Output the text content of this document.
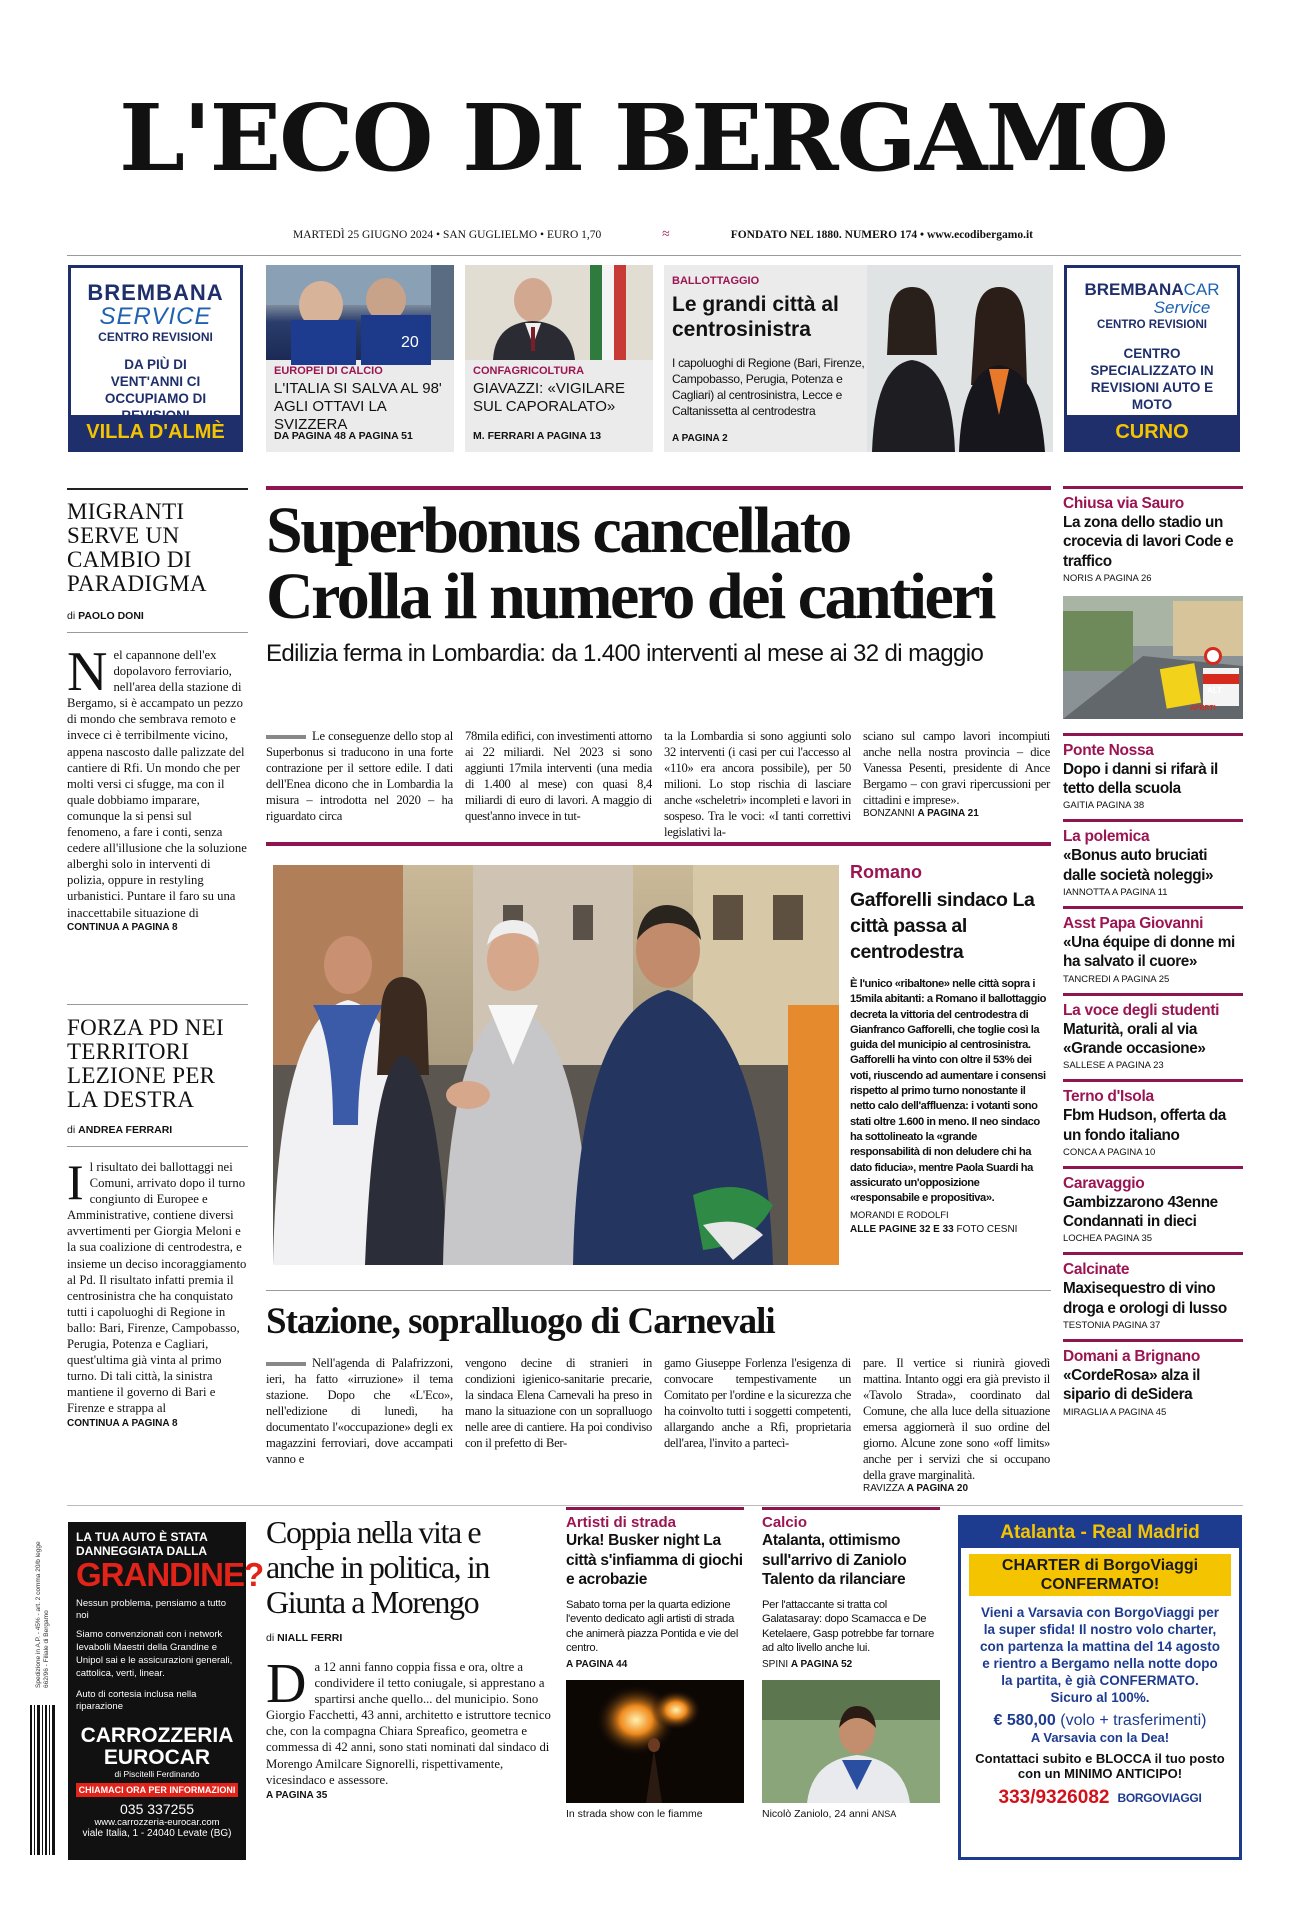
L'ECO DI BERGAMO
MARTEDÌ 25 GIUGNO 2024 • SAN GUGLIELMO • EURO 1,70	≈	FONDATO NEL 1880. NUMERO 174 • www.ecodibergamo.it
BREMBANA
SERVICE
CENTRO REVISIONI
DA PIÙ DI VENT'ANNI CI OCCUPIAMO DI
VILLA D'ALMÈ
20
EUROPEI DI CALCIO
L'ITALIA SI SALVA AL 98' AGLI OTTAVI LA SVIZZERA
DA PAGINA 48 A PAGINA 51
CONFAGRICOLTURA
GIAVAZZI: «VIGILARE SUL CAPORALATO»
M. FERRARI A PAGINA 13
BALLOTTAGGIO
Le grandi città al centrosinistra
I capoluoghi di Regione (Bari, Firenze, Campobasso, Perugia, Potenza e Cagliari) al centrosinistra, Lecce e Caltanissetta al centrodestra
A PAGINA 2
BREMBANACAR
Service
CENTRO REVISIONI
CENTRO SPECIALIZZATO IN REVISIONI AUTO E MOTO
CURNO
MIGRANTI SERVE UN CAMBIO DI PARADIGMA
di PAOLO DONI
Nel capannone dell'ex dopolavoro ferroviario, nell'area della stazione di Bergamo, si è accampato un pezzo di mondo che sembrava remoto e invece ci è terribilmente vicino, appena nascosto dalle palizzate del cantiere di Rfi. Un mondo che per molti versi ci sfugge, ma con il quale dobbiamo imparare, comunque la si pensi sul fenomeno, a fare i conti, senza cedere all'illusione che la soluzione alberghi solo in interventi di polizia, oppure in restyling urbanistici. Puntare il faro su una inaccettabile situazione di
CONTINUA A PAGINA 8
FORZA PD NEI TERRITORI LEZIONE PER LA DESTRA
di ANDREA FERRARI
Il risultato dei ballottaggi nei Comuni, arrivato dopo il turno congiunto di Europee e Amministrative, contiene diversi avvertimenti per Giorgia Meloni e la sua coalizione di centrodestra, e insieme un deciso incoraggiamento al Pd. Il risultato infatti premia il centrosinistra che ha conquistato tutti i capoluoghi di Regione in ballo: Bari, Firenze, Campobasso, Perugia, Potenza e Cagliari, quest'ultima già vinta al primo turno. Di tali città, la sinistra mantiene il governo di Bari e Firenze e strappa al
CONTINUA A PAGINA 8
Superbonus cancellato
Crolla il numero dei cantieri
Edilizia ferma in Lombardia: da 1.400 interventi al mese ai 32 di maggio
Le conseguenze dello stop al Superbonus si traducono in una forte contrazione per il settore edile. I dati dell'Enea dicono che in Lombardia la misura – introdotta nel 2020 – ha riguardato circa
78mila edifici, con investimenti attorno ai 22 miliardi. Nel 2023 si sono aggiunti 17mila interventi (una media di 1.400 al mese) con quasi 8,4 miliardi di euro di lavori. A maggio di quest'anno invece in tut-
ta la Lombardia si sono aggiunti solo 32 interventi (i casi per cui l'accesso al «110» era ancora possibile), per 50 milioni. Lo stop rischia di lasciare anche «scheletri» incompleti e lavori in sospeso. Tra le voci: «I tanti correttivi legislativi la-
sciano sul campo lavori incompiuti anche nella nostra provincia – dice Vanessa Pesenti, presidente di Ance Bergamo – con gravi ripercussioni per cittadini e imprese».
BONZANNI A PAGINA 21
Romano
Gafforelli sindaco La città passa al centrodestra
È l'unico «ribaltone» nelle città sopra i 15mila abitanti: a Romano il ballottaggio decreta la vittoria del centrodestra di Gianfranco Gafforelli, che toglie così la guida del municipio al centrosinistra. Gafforelli ha vinto con oltre il 53% dei voti, riuscendo ad aumentare i consensi rispetto al primo turno nonostante il netto calo dell'affluenza: i votanti sono stati oltre 1.600 in meno. Il neo sindaco ha sottolineato la «grande responsabilità di non deludere chi ha dato fiducia», mentre Paola Suardi ha assicurato un'opposizione «responsabile e propositiva».
MORANDI E RODOLFI
ALLE PAGINE 32 E 33 FOTO CESNI
Stazione, sopralluogo di Carnevali
Nell'agenda di Palafrizzoni, ieri, ha fatto «irruzione» il tema stazione. Dopo che «L'Eco», nell'edizione di lunedì, ha documentato l'«occupazione» degli ex magazzini ferroviari, dove accampati vanno e
vengono decine di stranieri in condizioni igienico-sanitarie precarie, la sindaca Elena Carnevali ha preso in mano la situazione con un sopralluogo nelle aree di cantiere. Ha poi condiviso con il prefetto di Ber-
gamo Giuseppe Forlenza l'esigenza di convocare tempestivamente un Comitato per l'ordine e la sicurezza che ha coinvolto tutti i soggetti competenti, allargando anche a Rfi, proprietaria dell'area, l'invito a partecì-
pare. Il vertice si riunirà giovedì mattina. Intanto oggi era già previsto il «Tavolo Strada», coordinato dal Comune, che alla luce della situazione emersa aggiornerà il suo ordine del giorno. Alcune zone sono «off limits» anche per i servizi che si occupano della grave marginalità.
RAVIZZA A PAGINA 20
Chiusa via Sauro
La zona dello stadio un crocevia di lavori Code e traffico
NORIS A PAGINA 26
$^{ALTAPERTI}$
Ponte Nossa
Dopo i danni si rifarà il tetto della scuola
GAITIA PAGINA 38
La polemica
«Bonus auto bruciati dalle società noleggi»
IANNOTTA A PAGINA 11
Asst Papa Giovanni
«Una équipe di donne mi ha salvato il cuore»
TANCREDI A PAGINA 25
La voce degli studenti
Maturità, orali al via «Grande occasione»
SALLESE A PAGINA 23
Terno d'Isola
Fbm Hudson, offerta da un fondo italiano
CONCA A PAGINA 10
Caravaggio
Gambizzarono 43enne Condannati in dieci
LOCHEA PAGINA 35
Calcinate
Maxisequestro di vino droga e orologi di lusso
TESTONIA PAGINA 37
Domani a Brignano
«CordeRosa» alza il sipario di deSidera
MIRAGLIA A PAGINA 45
Spedizione in A.P. - 45% - art. 2 comma 20/b legge 662/96 - Filiale di Bergamo
LA TUA AUTO È STATA DANNEGGIATA DALLA
GRANDINE?
Nessun problema, pensiamo a tutto noi
Siamo convenzionati con i network Ievabolli Maestri della Grandine e Unipol sai e le assicurazioni generali, cattolica, verti, linear.
Auto di cortesia inclusa nella riparazione
CARROZZERIA
EUROCAR
di Piscitelli Ferdinando
CHIAMACI ORA PER INFORMAZIONI
035 337255
www.carrozzeria-eurocar.com
viale Italia, 1 - 24040 Levate (BG)
Coppia nella vita e anche in politica, in Giunta a Morengo
di NIALL FERRI
Da 12 anni fanno coppia fissa e ora, oltre a condividere il tetto coniugale, si apprestano a spartirsi anche quello... del municipio. Sono Giorgio Facchetti, 43 anni, architetto e istruttore tecnico che, con la compagna Chiara Spreafico, geometra e commessa di 42 anni, sono stati nominati dal sindaco di Morengo Amilcare Signorelli, rispettivamente, vicesindaco e assessore.
A PAGINA 35
Artisti di strada
Urka! Busker night La città s'infiamma di giochi e acrobazie
Sabato torna per la quarta edizione l'evento dedicato agli artisti di strada che animerà piazza Pontida e vie del centro.
A PAGINA 44
In strada show con le fiamme
Calcio
Atalanta, ottimismo sull'arrivo di Zaniolo Talento da rilanciare
Per l'attaccante si tratta col Galatasaray: dopo Scamacca e De Ketelaere, Gasp potrebbe far tornare ad alto livello anche lui.
SPINI A PAGINA 52
Nicolò Zaniolo, 24 anni ANSA
Atalanta - Real Madrid
CHARTER di BorgoViaggi
CONFERMATO!
Vieni a Varsavia con BorgoViaggi per la super sfida! Il nostro volo charter, con partenza la mattina del 14 agosto e rientro a Bergamo nella notte dopo la partita, è già CONFERMATO. Sicuro al 100%.
€ 580,00 (volo + trasferimenti)
A Varsavia con la Dea!
Contattaci subito e BLOCCA il tuo posto con un MINIMO ANTICIPO!
333/9326082 BORGOVIAGGI
